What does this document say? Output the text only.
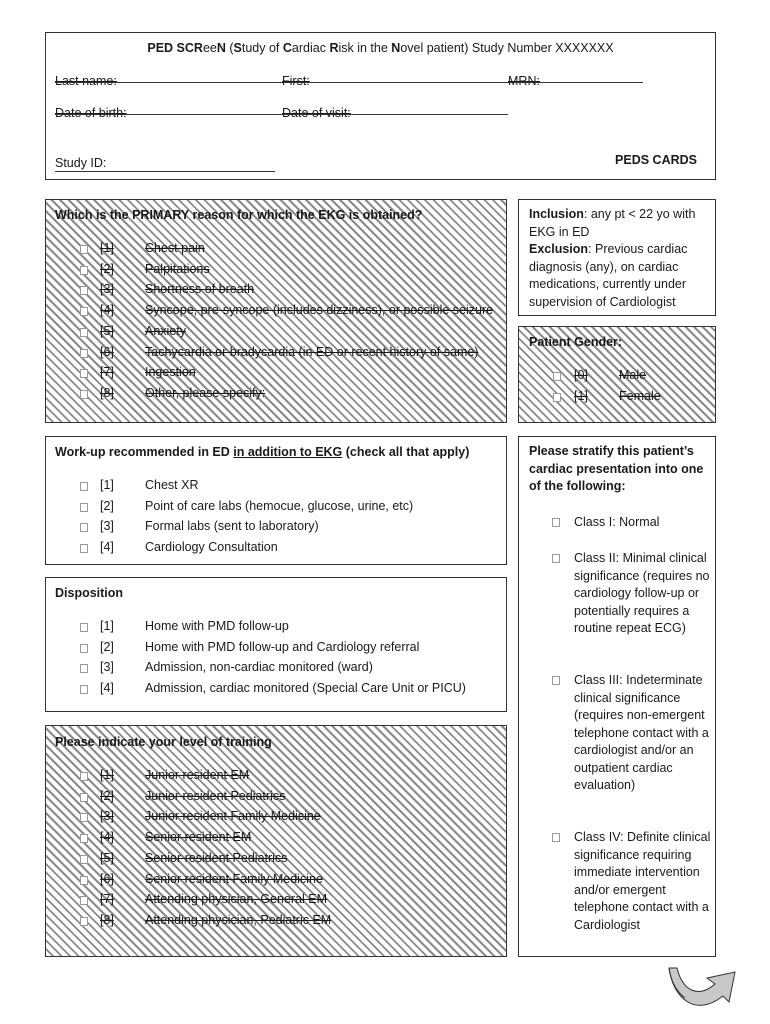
PED SCReeN (Study of Cardiac Risk in the Novel patient) Study Number XXXXXXX
Last name:	First:	MRN:
Date of birth:	Date of visit:
Study ID:	PEDS CARDS
Which is the PRIMARY reason for which the EKG is obtained?
[1] Chest pain
[2] Palpitations
[3] Shortness of breath
[4] Syncope, pre-syncope (includes dizziness), or possible seizure
[5] Anxiety
[6] Tachycardia or bradycardia (in ED or recent history of same)
[7] Ingestion
[8] Other, please specify:
Inclusion: any pt < 22 yo with EKG in ED
Exclusion: Previous cardiac diagnosis (any), on cardiac medications, currently under supervision of Cardiologist
Patient Gender:
[0] Male
[1] Female
Work-up recommended in ED in addition to EKG (check all that apply)
[1] Chest XR
[2] Point of care labs (hemocue, glucose, urine, etc)
[3] Formal labs (sent to laboratory)
[4] Cardiology Consultation
Disposition
[1] Home with PMD follow-up
[2] Home with PMD follow-up and Cardiology referral
[3] Admission, non-cardiac monitored (ward)
[4] Admission, cardiac monitored (Special Care Unit or PICU)
Please indicate your level of training
[1] Junior resident EM
[2] Junior resident Pediatrics
[3] Junior resident Family Medicine
[4] Senior resident EM
[5] Senior resident Pediatrics
[6] Senior resident Family Medicine
[7] Attending physician, General EM
[8] Attending physician, Pediatric EM
Please stratify this patient’s cardiac presentation into one of the following:
Class I: Normal
Class II: Minimal clinical significance (requires no cardiology follow-up or potentially requires a routine repeat ECG)
Class III: Indeterminate clinical significance (requires non-emergent telephone contact with a cardiologist and/or an outpatient cardiac evaluation)
Class IV: Definite clinical significance requiring immediate intervention and/or emergent telephone contact with a Cardiologist
